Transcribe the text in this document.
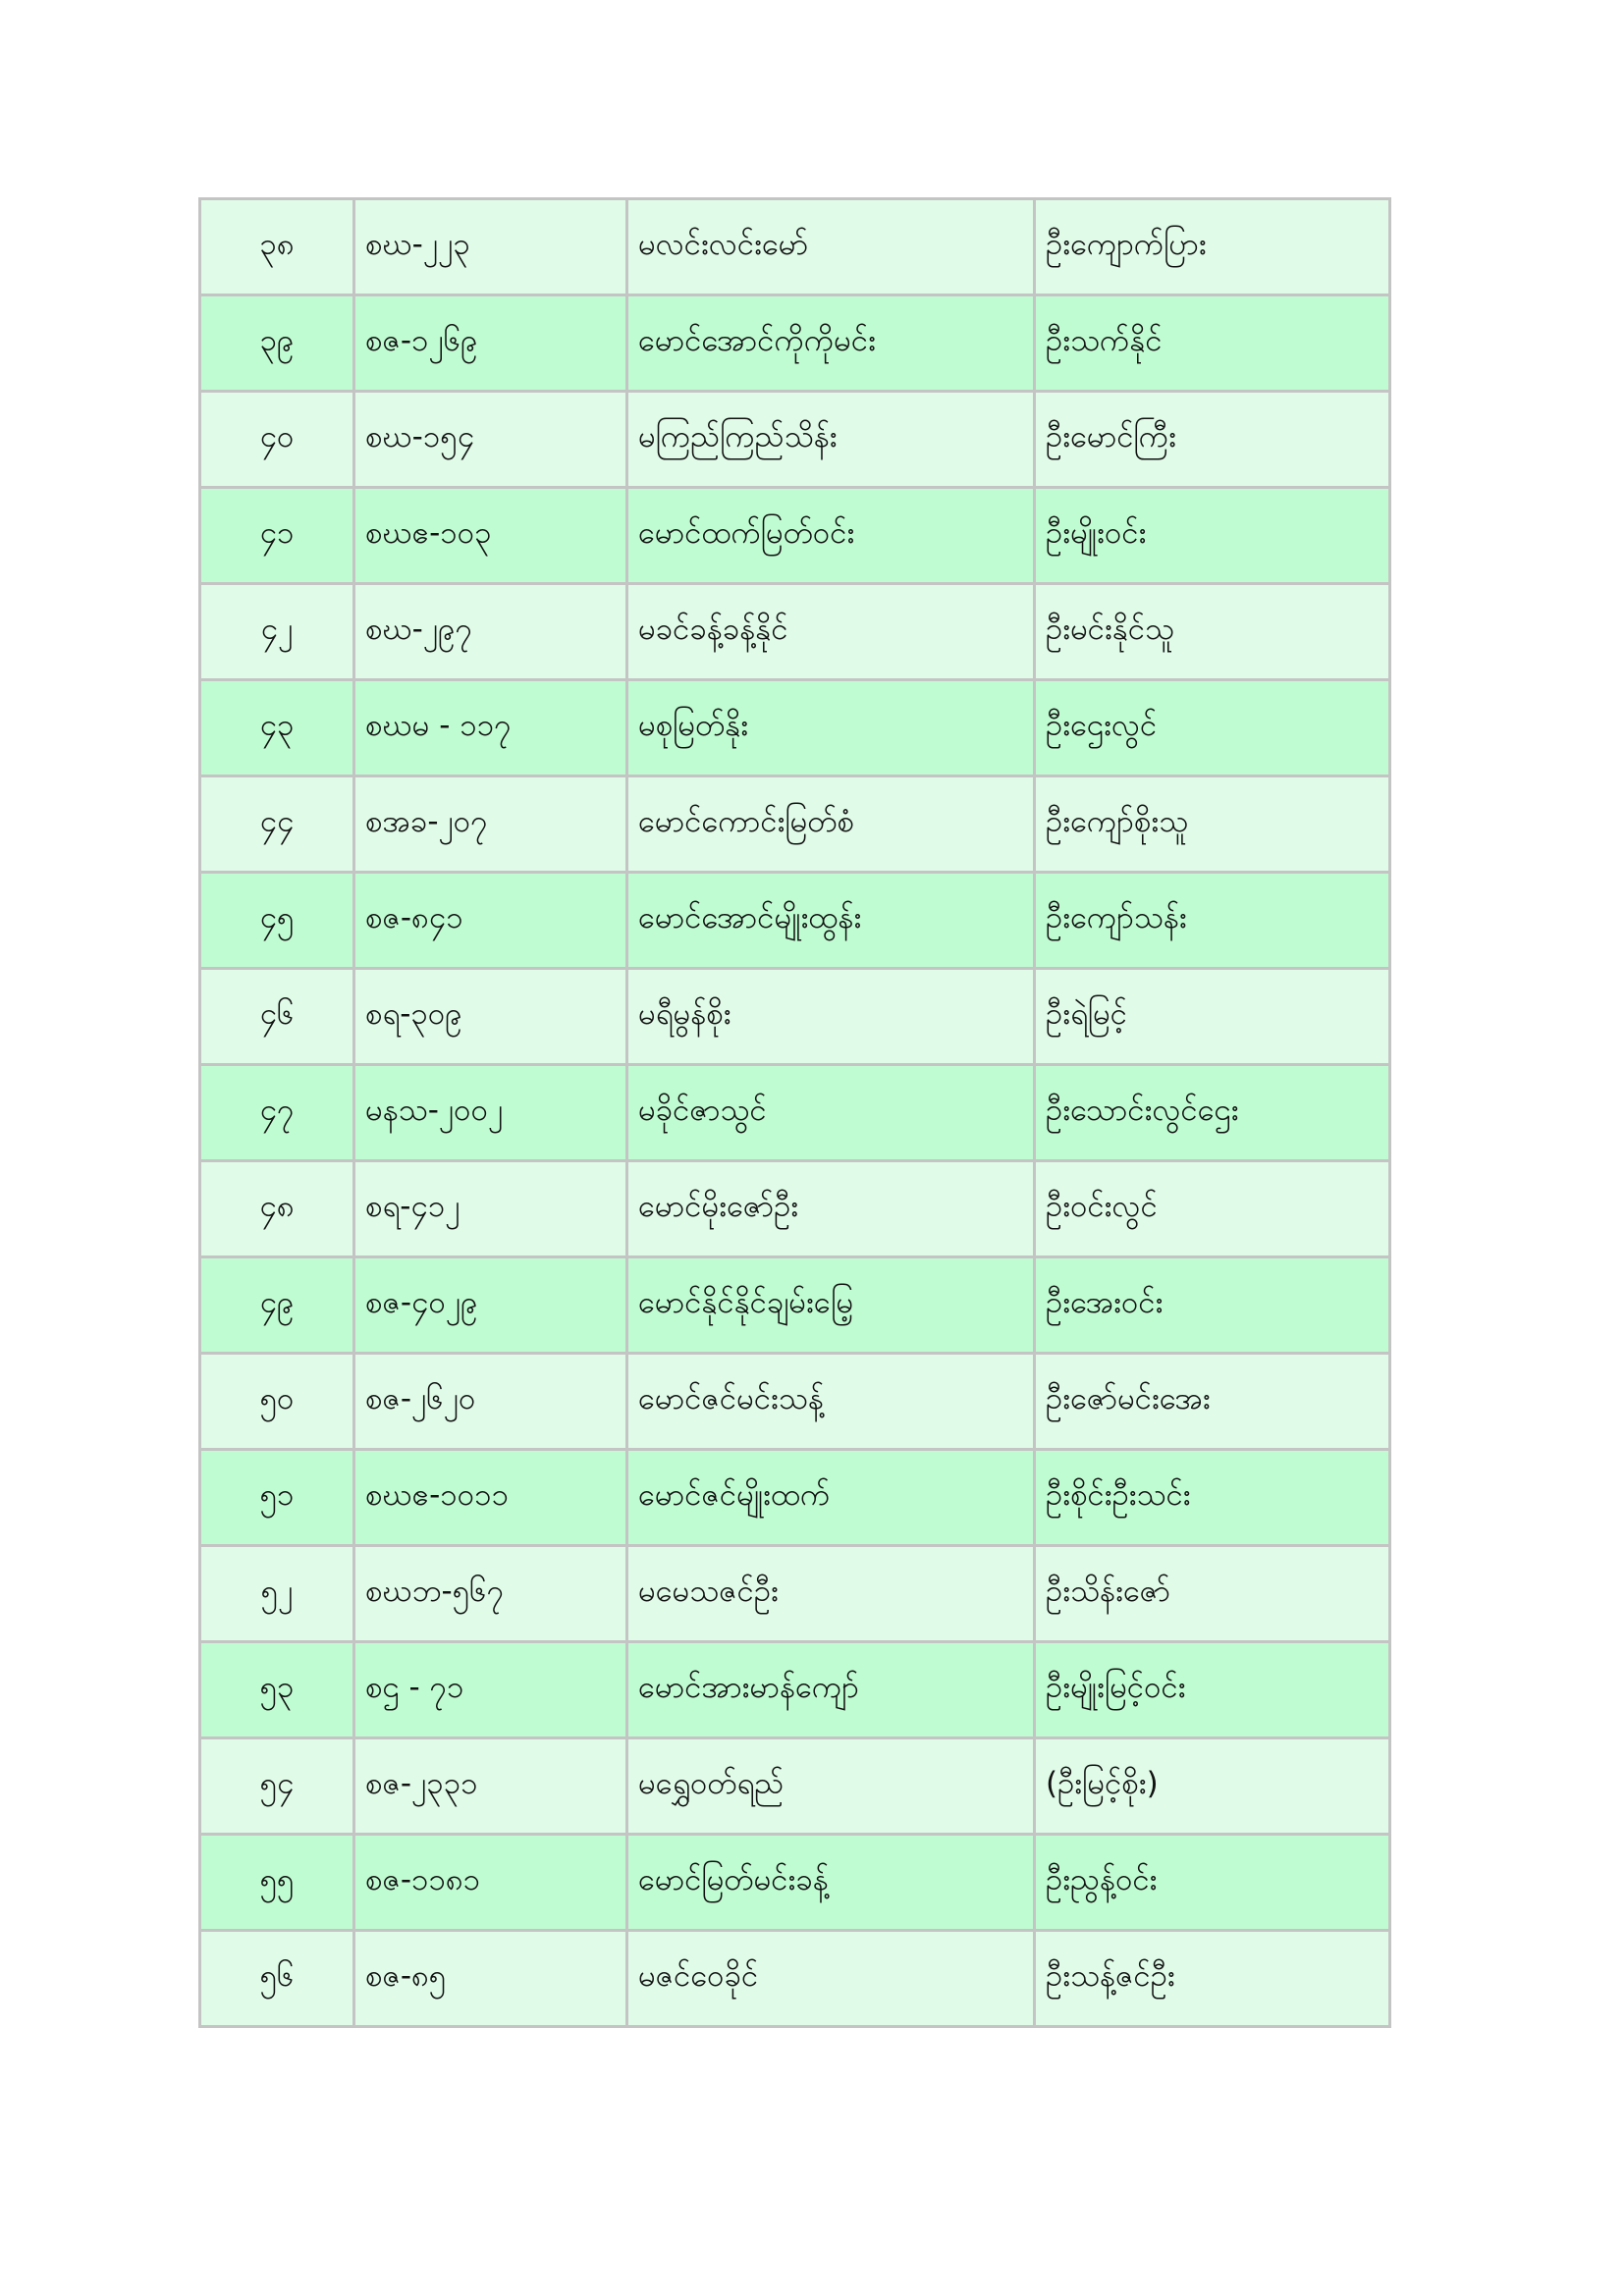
၃၈	စဃ-၂၂၃	မလင်းလင်းမော်	ဦးကျောက်ပြား
၃၉	စဇ-၁၂၆၉	မောင်အောင်ကိုကိုမင်း	ဦးသက်နိုင်
၄၀	စဃ-၁၅၄	မကြည်ကြည်သိန်း	ဦးမောင်ကြီး
၄၁	စဃဧ-၁၀၃	မောင်ထက်မြတ်ဝင်း	ဦးမျိုးဝင်း
၄၂	စဃ-၂၉၇	မခင်ခန့်ခန့်နိုင်	ဦးမင်းနိုင်သူ
၄၃	စဃမ - ၁၁၇	မစုမြတ်နိုး	ဦးဌေးလွင်
၄၄	စအခ-၂၀၇	မောင်ကောင်းမြတ်စံ	ဦးကျော်စိုးသူ
၄၅	စဇ-၈၄၁	မောင်အောင်မျိုးထွန်း	ဦးကျော်သန်း
၄၆	စရ-၃၀၉	မရီမွန်စိုး	ဦးရဲမြင့်
၄၇	မနသ-၂၀၀၂	မခိုင်ဇာသွင်	ဦးသောင်းလွင်ဌေး
၄၈	စရ-၄၁၂	မောင်မိုးဇော်ဦး	ဦးဝင်းလွင်
၄၉	စဇ-၄၀၂၉	မောင်နိုင်နိုင်ချမ်းမြေ့	ဦးအေးဝင်း
၅၀	စဇ-၂၆၂၀	မောင်ဇင်မင်းသန့်	ဦးဇော်မင်းအေး
၅၁	စဃဧ-၁၀၁၁	မောင်ဇင်မျိုးထက်	ဦးစိုင်းဦးသင်း
၅၂	စဃဘ-၅၆၇	မမေသဇင်ဦး	ဦးသိန်းဇော်
၅၃	စဌ - ၇၁	မောင်အားမာန်ကျော်	ဦးမျိုးမြင့်ဝင်း
၅၄	စဇ-၂၃၃၁	မရွှေဝတ်ရည်	(ဦးမြင့်စိုး)
၅၅	စဇ-၁၁၈၁	မောင်မြတ်မင်းခန့်	ဦးညွန့်ဝင်း
၅၆	စဇ-၈၅	မဇင်ဝေခိုင်	ဦးသန့်ဇင်ဦး
